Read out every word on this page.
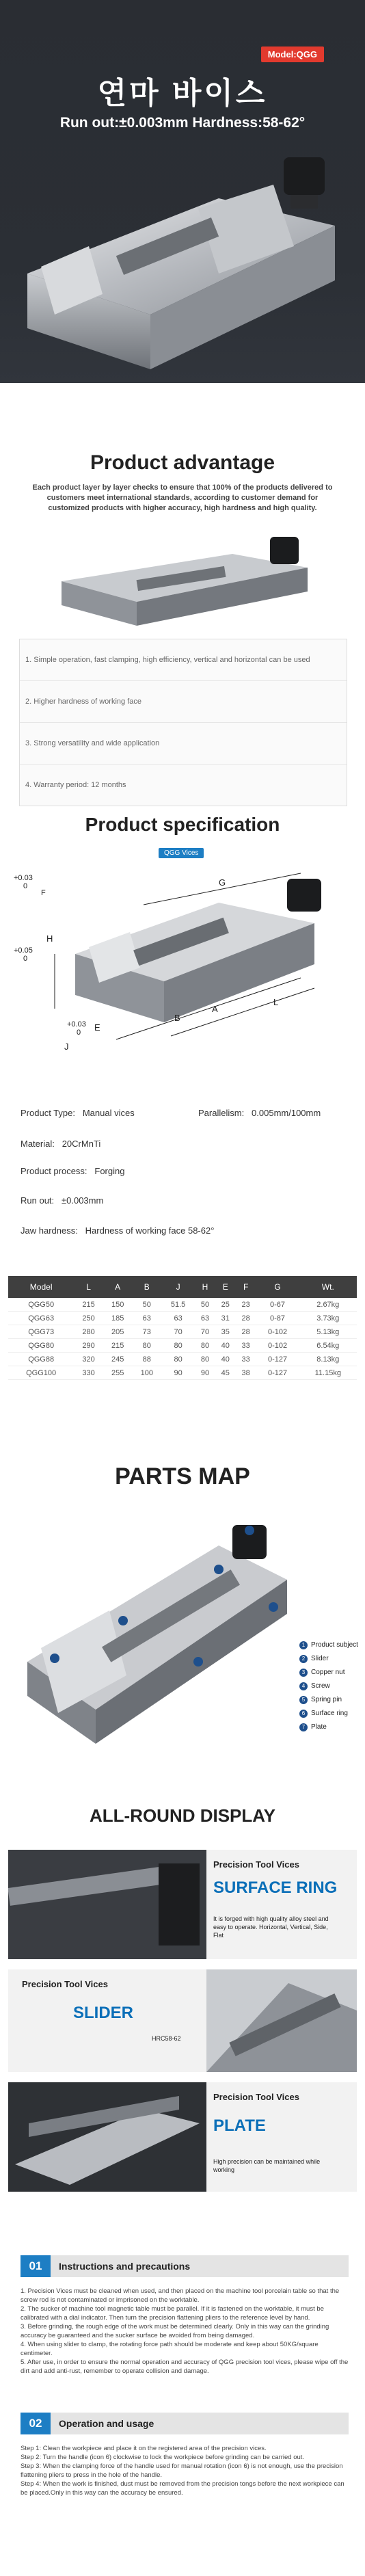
Model:QGG
연마 바이스
Run out:±0.003mm Hardness:58-62°
Product advantage
Each product layer by layer checks to ensure that 100% of the products delivered to customers meet international standards, according to customer demand for customized products with higher accuracy, high hardness and high quality.
1. Simple operation, fast clamping, high efficiency, vertical and horizontal can be used
2. Higher hardness of working face
3. Strong versatility and wide application
4. Warranty period: 12 months
Product specification
QGG Vices
+0.03
0
F
G
H
+0.05
0
B
A
L
+0.03
0 E
J
Product Type: Manual vices	Parallelism: 0.005mm/100mm
Material: 20CrMnTi
Product process: Forging
Run out: ±0.003mm
Jaw hardness: Hardness of working face 58-62°
Model	L	A	B	J	H	E	F	G	Wt.
QGG50	215	150	50	51.5	50	25	23	0-67	2.67kg
QGG63	250	185	63	63	63	31	28	0-87	3.73kg
QGG73	280	205	73	70	70	35	28	0-102	5.13kg
QGG80	290	215	80	80	80	40	33	0-102	6.54kg
QGG88	320	245	88	80	80	40	33	0-127	8.13kg
QGG100	330	255	100	90	90	45	38	0-127	11.15kg
PARTS MAP
1 Product subject
2 Slider
3 Copper nut
4 Screw
5 Spring pin
6 Surface ring
7 Plate
ALL-ROUND DISPLAY
Precision Tool Vices
SURFACE RING
It is forged with high quality alloy steel and easy to operate. Horizontal, Vertical, Side, Flat
Precision Tool Vices
SLIDER
HRC58-62
Precision Tool Vices
PLATE
High precision can be maintained while working
01	Instructions and precautions
1. Precision Vices must be cleaned when used, and then placed on the machine tool porcelain table so that the screw rod is not contaminated or imprisoned on the worktable.
2. The sucker of machine tool magnetic table must be parallel. If it is fastened on the worktable, it must be calibrated with a dial indicator. Then turn the precision flattening pliers to the reference level by hand.
3. Before grinding, the rough edge of the work must be determined clearly. Only in this way can the grinding accuracy be guaranteed and the sucker surface be avoided from being damaged.
4. When using slider to clamp, the rotating force path should be moderate and keep about 50KG/square centimeter.
5. After use, in order to ensure the normal operation and accuracy of QGG precision tool vices, please wipe off the dirt and add anti-rust, remember to operate collision and damage.
02	Operation and usage
Step 1: Clean the workpiece and place it on the registered area of the precision vices.
Step 2: Turn the handle (icon 6) clockwise to lock the workpiece before grinding can be carried out.
Step 3: When the clamping force of the handle used for manual rotation (icon 6) is not enough, use the precision flattening pliers to press in the hole of the handle.
Step 4: When the work is finished, dust must be removed from the precision tongs before the next workpiece can be placed.Only in this way can the accuracy be ensured.
